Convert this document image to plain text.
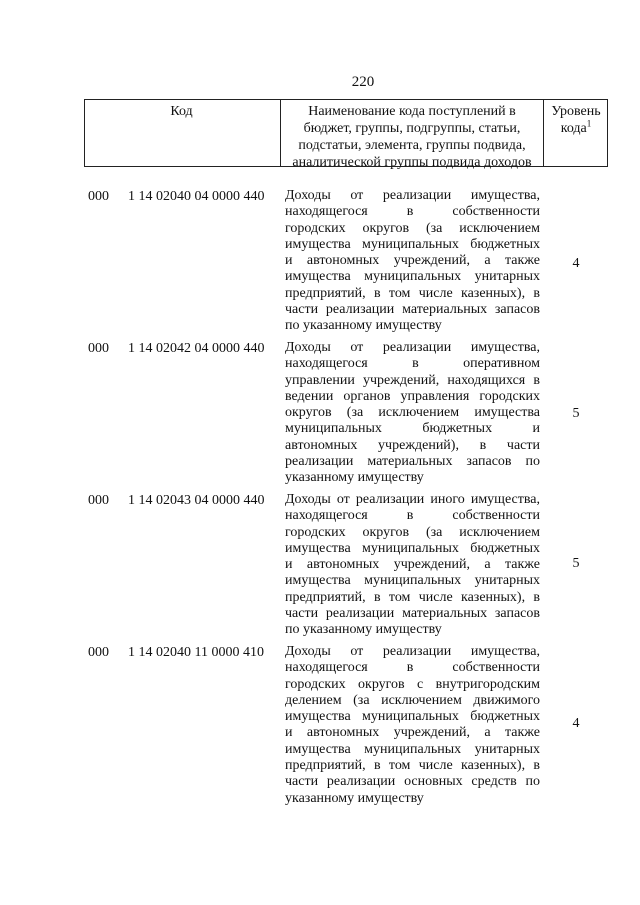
220
Код	Наименование кода поступлений в
бюджет, группы, подгруппы, статьи,
подстатьи, элемента, группы подвида,
аналитической группы подвида доходов
Уровень
кода$^1$
000 1 14 02040 04 0000 440 Доходы от реализации имущества,
находящегося в собственности
городских округов (за исключением
имущества муниципальных бюджетных
и автономных учреждений, а также
имущества муниципальных унитарных
предприятий, в том числе казенных), в
части реализации материальных запасов
по указанному имуществу
4
000 1 14 02042 04 0000 440 Доходы от реализации имущества,
находящегося в оперативном
управлении учреждений, находящихся в
ведении органов управления городских
округов (за исключением имущества
муниципальных бюджетных и
автономных учреждений), в части
реализации материальных запасов по
указанному имуществу
5
000 1 14 02043 04 0000 440 Доходы от реализации иного имущества,
находящегося в собственности
городских округов (за исключением
имущества муниципальных бюджетных
и автономных учреждений, а также
имущества муниципальных унитарных
предприятий, в том числе казенных), в
части реализации материальных запасов
по указанному имуществу
5
000 1 14 02040 11 0000 410 Доходы от реализации имущества,
находящегося в собственности
городских округов с внутригородским
делением (за исключением движимого
имущества муниципальных бюджетных
и автономных учреждений, а также
имущества муниципальных унитарных
предприятий, в том числе казенных), в
части реализации основных средств по
указанному имуществу
4
